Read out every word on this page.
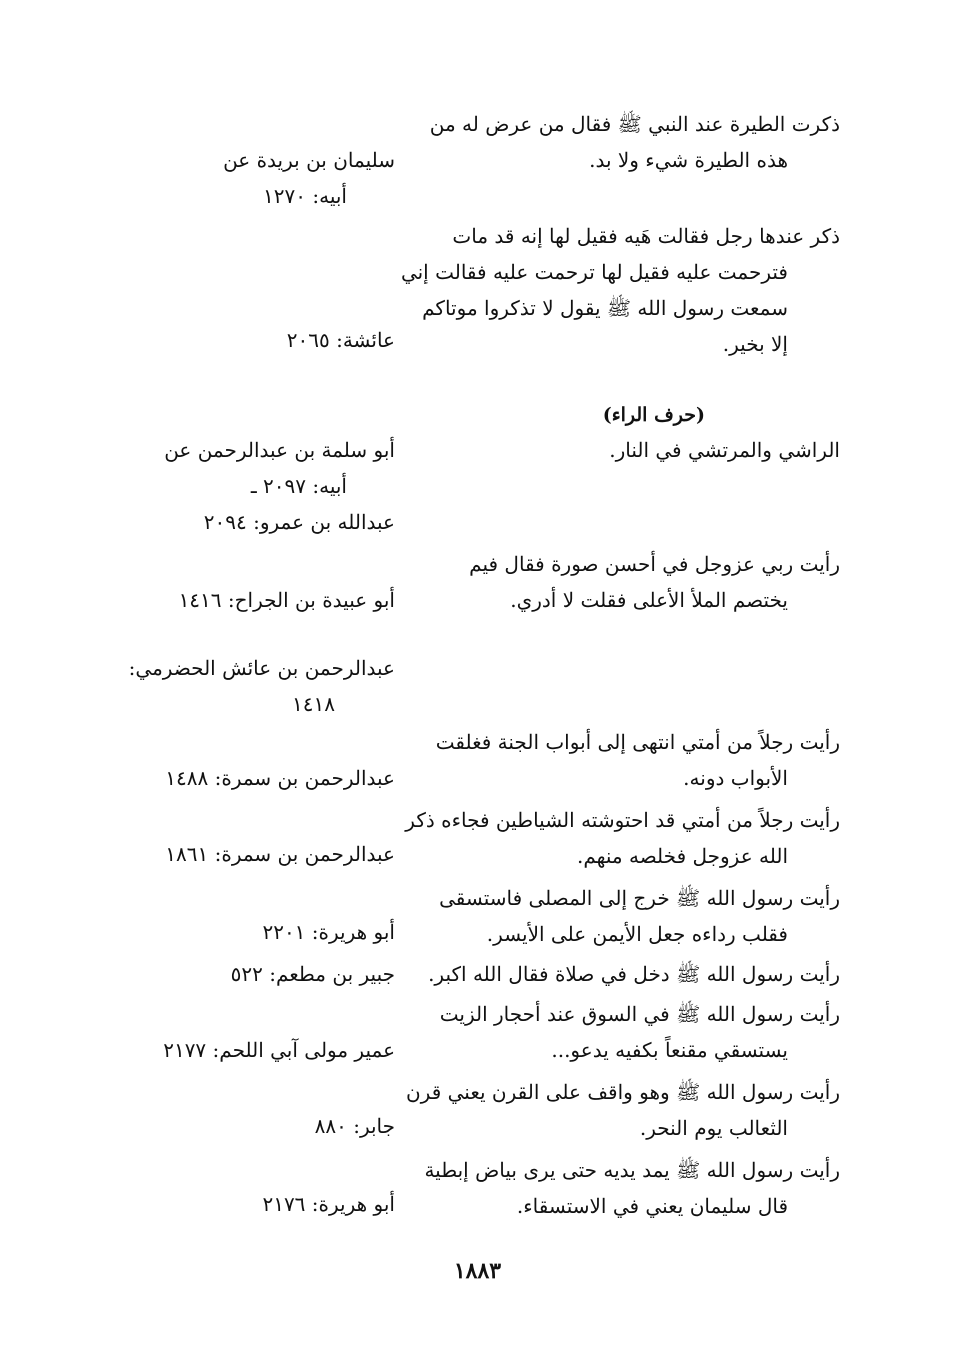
ذكرت الطيرة عند النبي ﷺ فقال من عرض له من
هذه الطيرة شيء ولا بد.
سليمان بن بريدة عن
أبيه: ١٢٧٠
ذكر عندها رجل فقالت هَيه فقيل لها إنه قد مات
فترحمت عليه فقيل لها ترحمت عليه فقالت إني
سمعت رسول الله ﷺ يقول لا تذكروا موتاكم
إلا بخير.
عائشة: ٢٠٦٥
(حرف الراء)
الراشي والمرتشي في النار.
أبو سلمة بن عبدالرحمن عن
أبيه: ٢٠٩٧ ـ
عبدالله بن عمرو: ٢٠٩٤
رأيت ربي عزوجل في أحسن صورة فقال فيم
يختصم الملأ الأعلى فقلت لا أدري.
أبو عبيدة بن الجراح: ١٤١٦
عبدالرحمن بن عائش الحضرمي:
١٤١٨
رأيت رجلاً من أمتي انتهى إلى أبواب الجنة فغلقت
الأبواب دونه.
عبدالرحمن بن سمرة: ١٤٨٨
رأيت رجلاً من أمتي قد احتوشته الشياطين فجاءه ذكر
الله عزوجل فخلصه منهم.
عبدالرحمن بن سمرة: ١٨٦١
رأيت رسول الله ﷺ خرج إلى المصلى فاستسقى
فقلب رداءه جعل الأيمن على الأيسر.
أبو هريرة: ٢٢٠١
رأيت رسول الله ﷺ دخل في صلاة فقال الله اكبر.
جبير بن مطعم: ٥٢٢
رأيت رسول الله ﷺ في السوق عند أحجار الزيت
يستسقي مقنعاً بكفيه يدعو...
عمير مولى آبي اللحم: ٢١٧٧
رأيت رسول الله ﷺ وهو واقف على القرن يعني قرن
الثعالب يوم النحر.
جابر: ٨٨٠
رأيت رسول الله ﷺ يمد يديه حتى يرى بياض إبطية
قال سليمان يعني في الاستسقاء.
أبو هريرة: ٢١٧٦
١٨٨٣
